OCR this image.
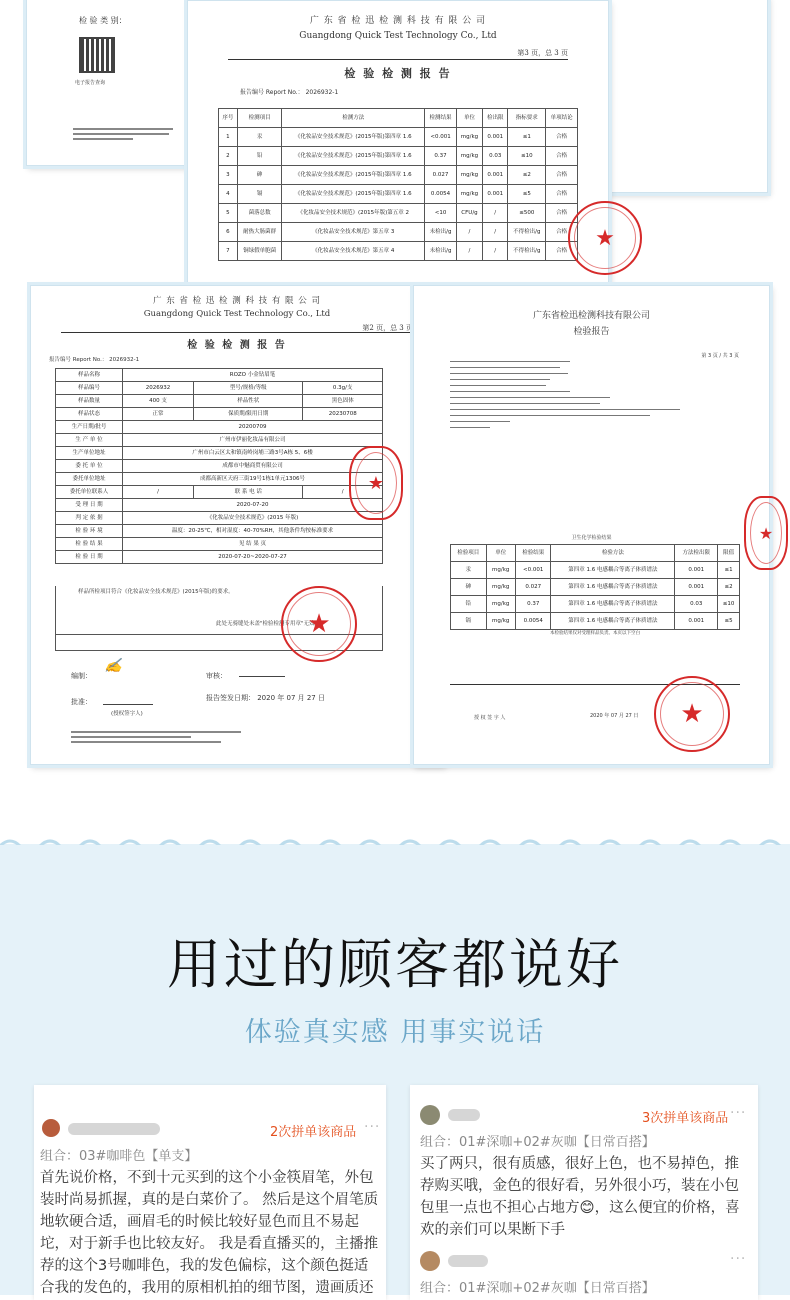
检 验 类 别：
电子报告查询
广 东 省 检 迅 检 测 科 技 有 限 公 司
Guangdong Quick Test Technology Co., Ltd
第3 页，总 3 页
检 验 检 测 报 告
报告编号 Report No.： 2026932-1
序号	检测项目	检测方法	检测结果	单位	检出限	指标要求	单项结论
1	汞	《化妆品安全技术规范》(2015年版)第四章 1.6	<0.001	mg/kg	0.001	≤1	合格
2	铅	《化妆品安全技术规范》(2015年版)第四章 1.6	0.37	mg/kg	0.03	≤10	合格
3	砷	《化妆品安全技术规范》(2015年版)第四章 1.6	0.027	mg/kg	0.001	≤2	合格
4	镉	《化妆品安全技术规范》(2015年版)第四章 1.6	0.0054	mg/kg	0.001	≤5	合格
5	菌落总数	《化妆品安全技术规范》(2015年版)第五章 2	<10	CFU/g	/	≤500	合格
6	耐热大肠菌群	《化妆品安全技术规范》第五章 3	未检出/g	/	/	不得检出/g	合格
7	铜绿假单胞菌	《化妆品安全技术规范》第五章 4	未检出/g	/	/	不得检出/g	合格	★
广 东 省 检 迅 检 测 科 技 有 限 公 司
Guangdong Quick Test Technology Co., Ltd
第2 页，总 3 页
检 验 检 测 报 告
报告编号 Report No.： 2026932-1
样品名称	ROZO 小金钻眉笔		
样品编号	2026932	型号/规格/等级	0.3g/支
样品数量	400 支	样品性状	黑色固体
样品状态	正常	保质期/限用日期	20230708
生产日期/批号	20200709		
生 产 单 位	广州市伊丽化妆品有限公司		
生产单位地址	广州市白云区太和镇南岭岗埔三路3号A栋 5、6楼		
委 托 单 位	成都市中魅商贸有限公司		
委托单位地址	成都高新区天府三街19号1栋1单元1306号		
委托单位联系人	/	联 系 电 话	/
受 理 日 期	2020-07-20		
判 定 依 据	《化妆品安全技术规范》(2015 年版)		
检 验 环 境	温度：20-25℃，相对湿度：40-70%RH，其他条件均按标准要求		
检 验 结 果	见 结 果 页		
检 验 日 期	2020-07-20~2020-07-27		
样品所检项目符合《化妆品安全技术规范》(2015年版)的要求。
此处无骑缝处未盖"检验检测专用章"无效。
编制：
✍
审核：
批准：
(授权签字人)
报告签发日期： 2020 年 07 月 27 日
★
★
广东省检迅检测科技有限公司
检验报告
第 3 页 / 共 3 页
卫生化学检验结果
检验项目	单位	检验结果	检验方法	方法检出限	限值
汞	mg/kg	<0.001	第四章 1.6 电感耦合等离子体质谱法	0.001	≤1
砷	mg/kg	0.027	第四章 1.6 电感耦合等离子体质谱法	0.001	≤2
铅	mg/kg	0.37	第四章 1.6 电感耦合等离子体质谱法	0.03	≤10
镉	mg/kg	0.0054	第四章 1.6 电感耦合等离子体质谱法	0.001	≤5
本检验结果仅对受理样品负责。本页以下空白
授 权 签 字 人	2020 年 07 月 27 日	★
★
用过的顾客都说好
体验真实感 用事实说话
2次拼单该商品 ···
组合：03#咖啡色【单支】
首先说价格，不到十元买到的这个小金筷眉笔，外包装时尚易抓握，真的是白菜价了。 然后是这个眉笔质地软硬合适，画眉毛的时候比较好显色而且不易起坨，对于新手也比较友好。 我是看直播买的，主播推荐的这个3号咖啡色，我的发色偏棕，这个颜色挺适合我的发色的，我用的原相机拍的细节图，遗画质还
3次拼单该商品 ···
组合：01#深咖+02#灰咖【日常百搭】
买了两只，很有质感，很好上色，也不易掉色，推荐购买哦，金色的很好看，另外很小巧，装在小包包里一点也不担心占地方😊，这么便宜的价格，喜欢的亲们可以果断下手
···
组合：01#深咖+02#灰咖【日常百搭】
